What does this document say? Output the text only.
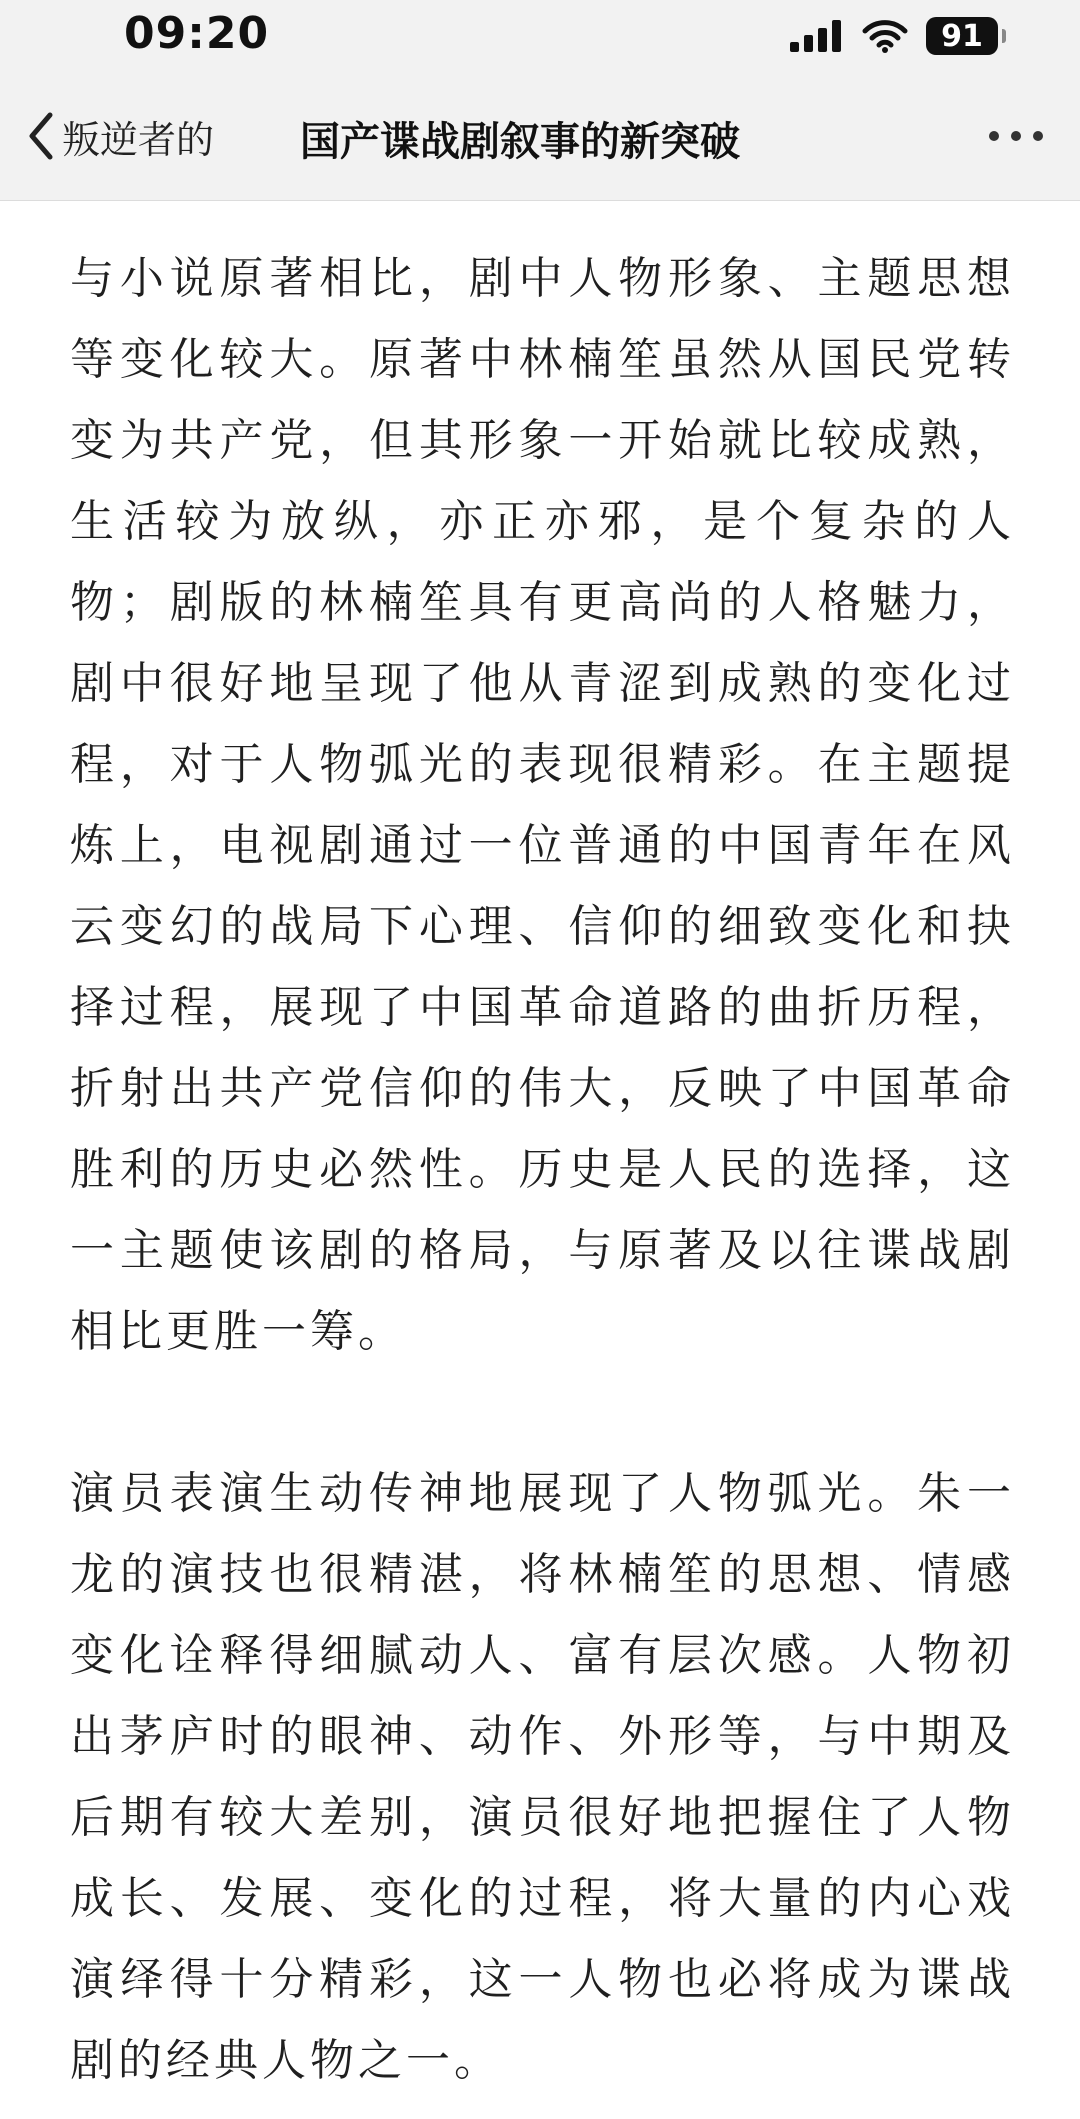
09:20	91
叛逆者的 国产谍战剧叙事的新突破

与小说原著相比，剧中人物形象、主题思想等变化较大。原著中林楠笙虽然从国民党转变为共产党，但其形象一开始就比较成熟，生活较为放纵，亦正亦邪，是个复杂的人物；剧版的林楠笙具有更高尚的人格魅力，剧中很好地呈现了他从青涩到成熟的变化过程，对于人物弧光的表现很精彩。在主题提炼上，电视剧通过一位普通的中国青年在风云变幻的战局下心理、信仰的细致变化和抉择过程，展现了中国革命道路的曲折历程，折射出共产党信仰的伟大，反映了中国革命胜利的历史必然性。历史是人民的选择，这一主题使该剧的格局，与原著及以往谍战剧相比更胜一筹。

演员表演生动传神地展现了人物弧光。朱一龙的演技也很精湛，将林楠笙的思想、情感变化诠释得细腻动人、富有层次感。人物初出茅庐时的眼神、动作、外形等，与中期及后期有较大差别，演员很好地把握住了人物成长、发展、变化的过程，将大量的内心戏演绎得十分精彩，这一人物也必将成为谍战剧的经典人物之一。
